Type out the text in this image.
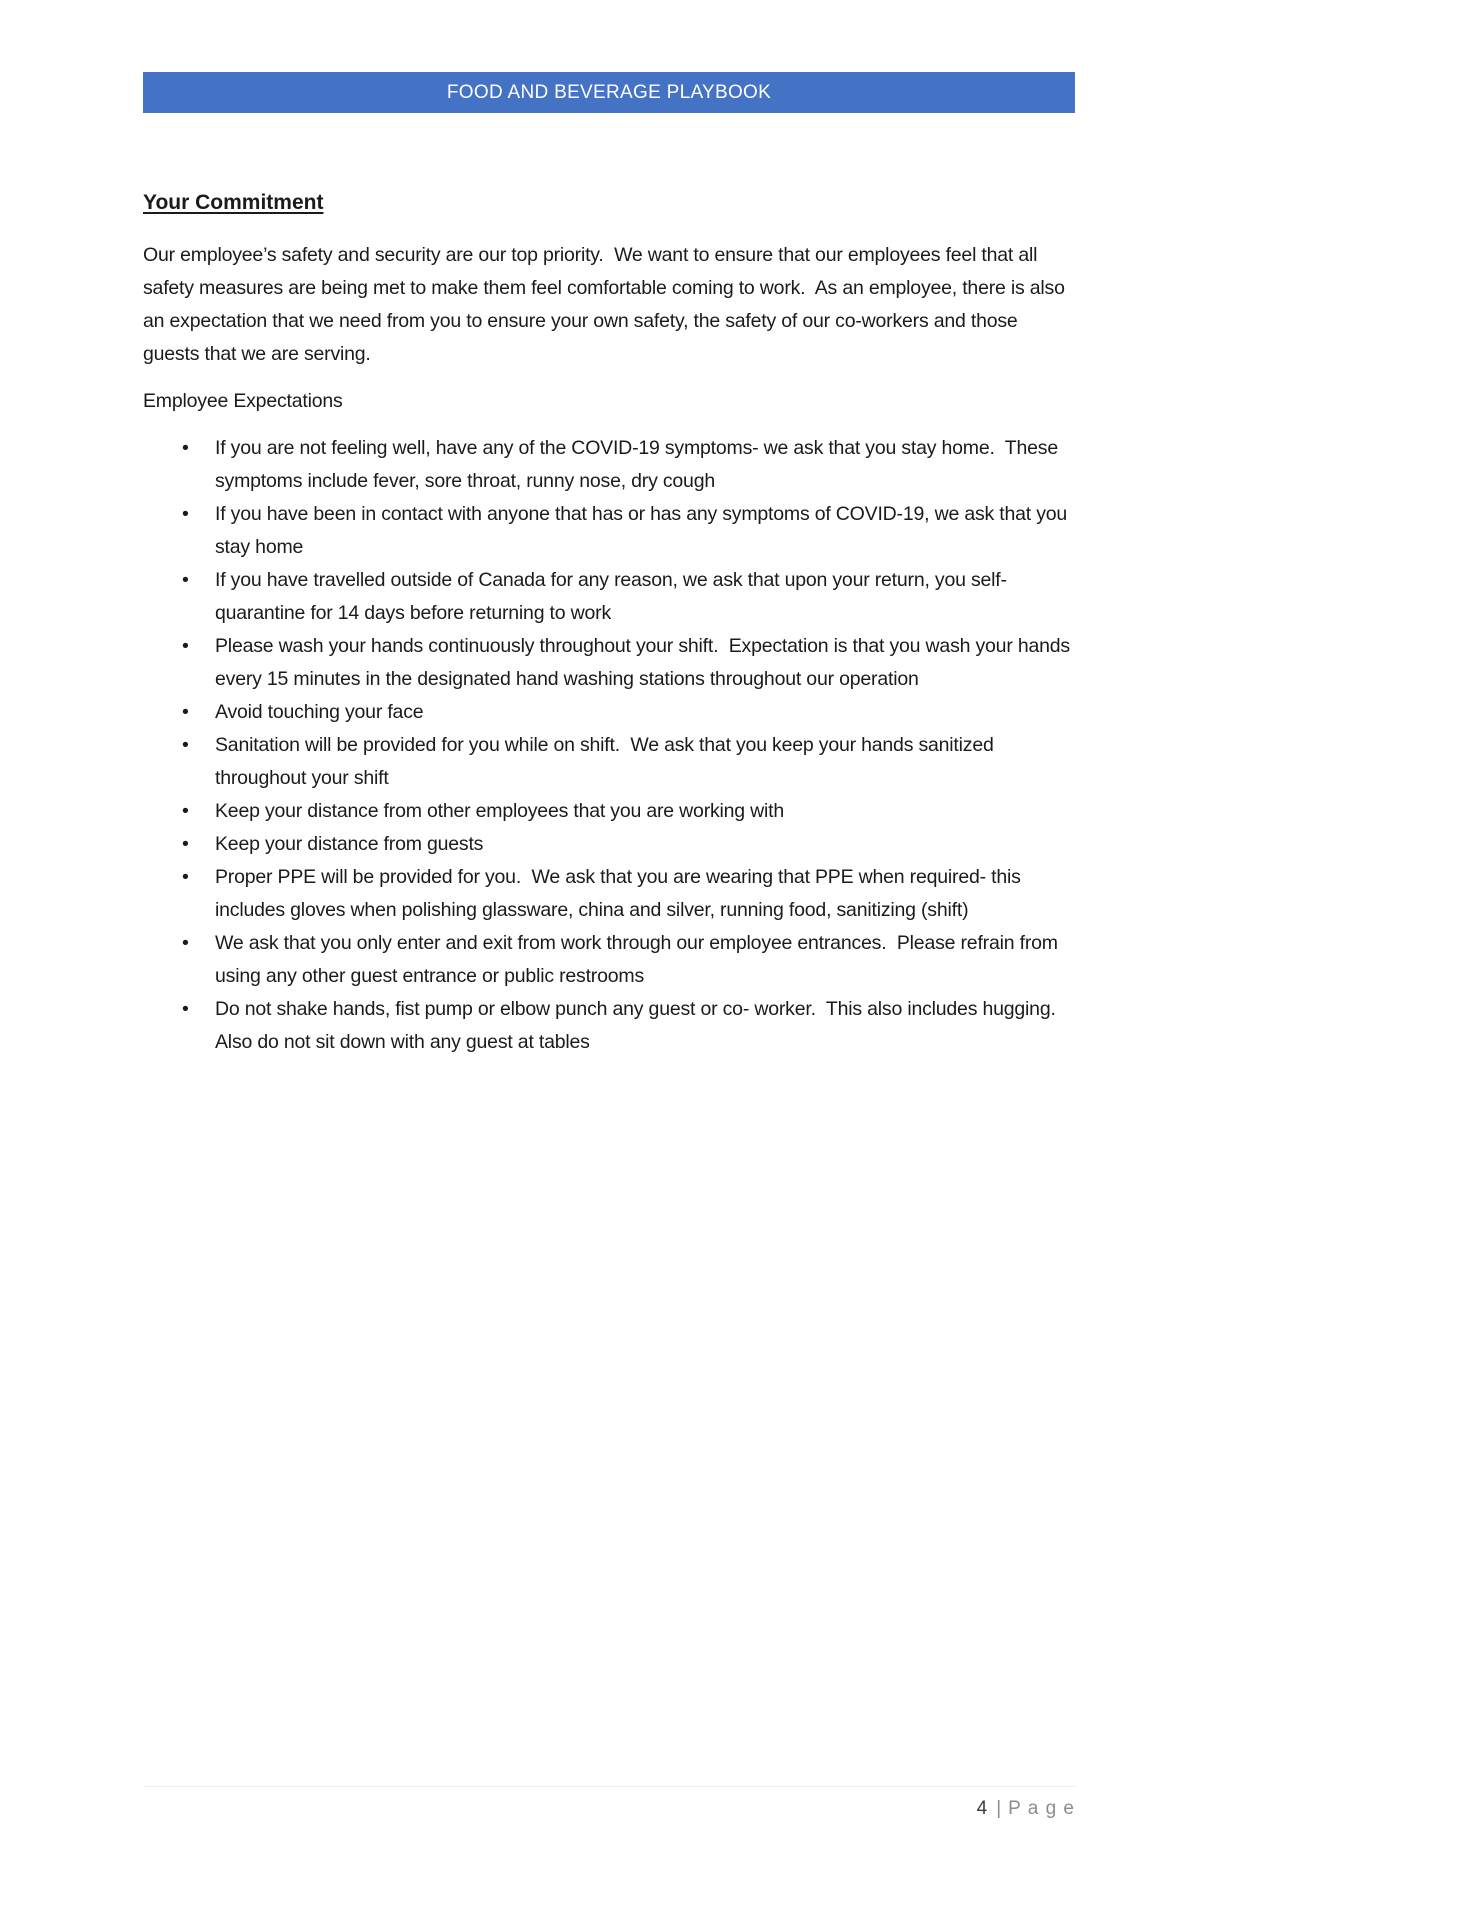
FOOD AND BEVERAGE PLAYBOOK
Your Commitment
Our employee’s safety and security are our top priority.  We want to ensure that our employees feel that all safety measures are being met to make them feel comfortable coming to work.  As an employee, there is also an expectation that we need from you to ensure your own safety, the safety of our co-workers and those guests that we are serving.
Employee Expectations
•	If you are not feeling well, have any of the COVID-19 symptoms- we ask that you stay home.  These symptoms include fever, sore throat, runny nose, dry cough
•	If you have been in contact with anyone that has or has any symptoms of COVID-19, we ask that you stay home
•	If you have travelled outside of Canada for any reason, we ask that upon your return, you self-quarantine for 14 days before returning to work
•	Please wash your hands continuously throughout your shift.  Expectation is that you wash your hands every 15 minutes in the designated hand washing stations throughout our operation
•	Avoid touching your face
•	Sanitation will be provided for you while on shift.  We ask that you keep your hands sanitized throughout your shift
•	Keep your distance from other employees that you are working with
•	Keep your distance from guests
•	Proper PPE will be provided for you.  We ask that you are wearing that PPE when required- this includes gloves when polishing glassware, china and silver, running food, sanitizing (shift)
•	We ask that you only enter and exit from work through our employee entrances.  Please refrain from using any other guest entrance or public restrooms
•	Do not shake hands, fist pump or elbow punch any guest or co- worker.  This also includes hugging. Also do not sit down with any guest at tables
4 | P a g e
